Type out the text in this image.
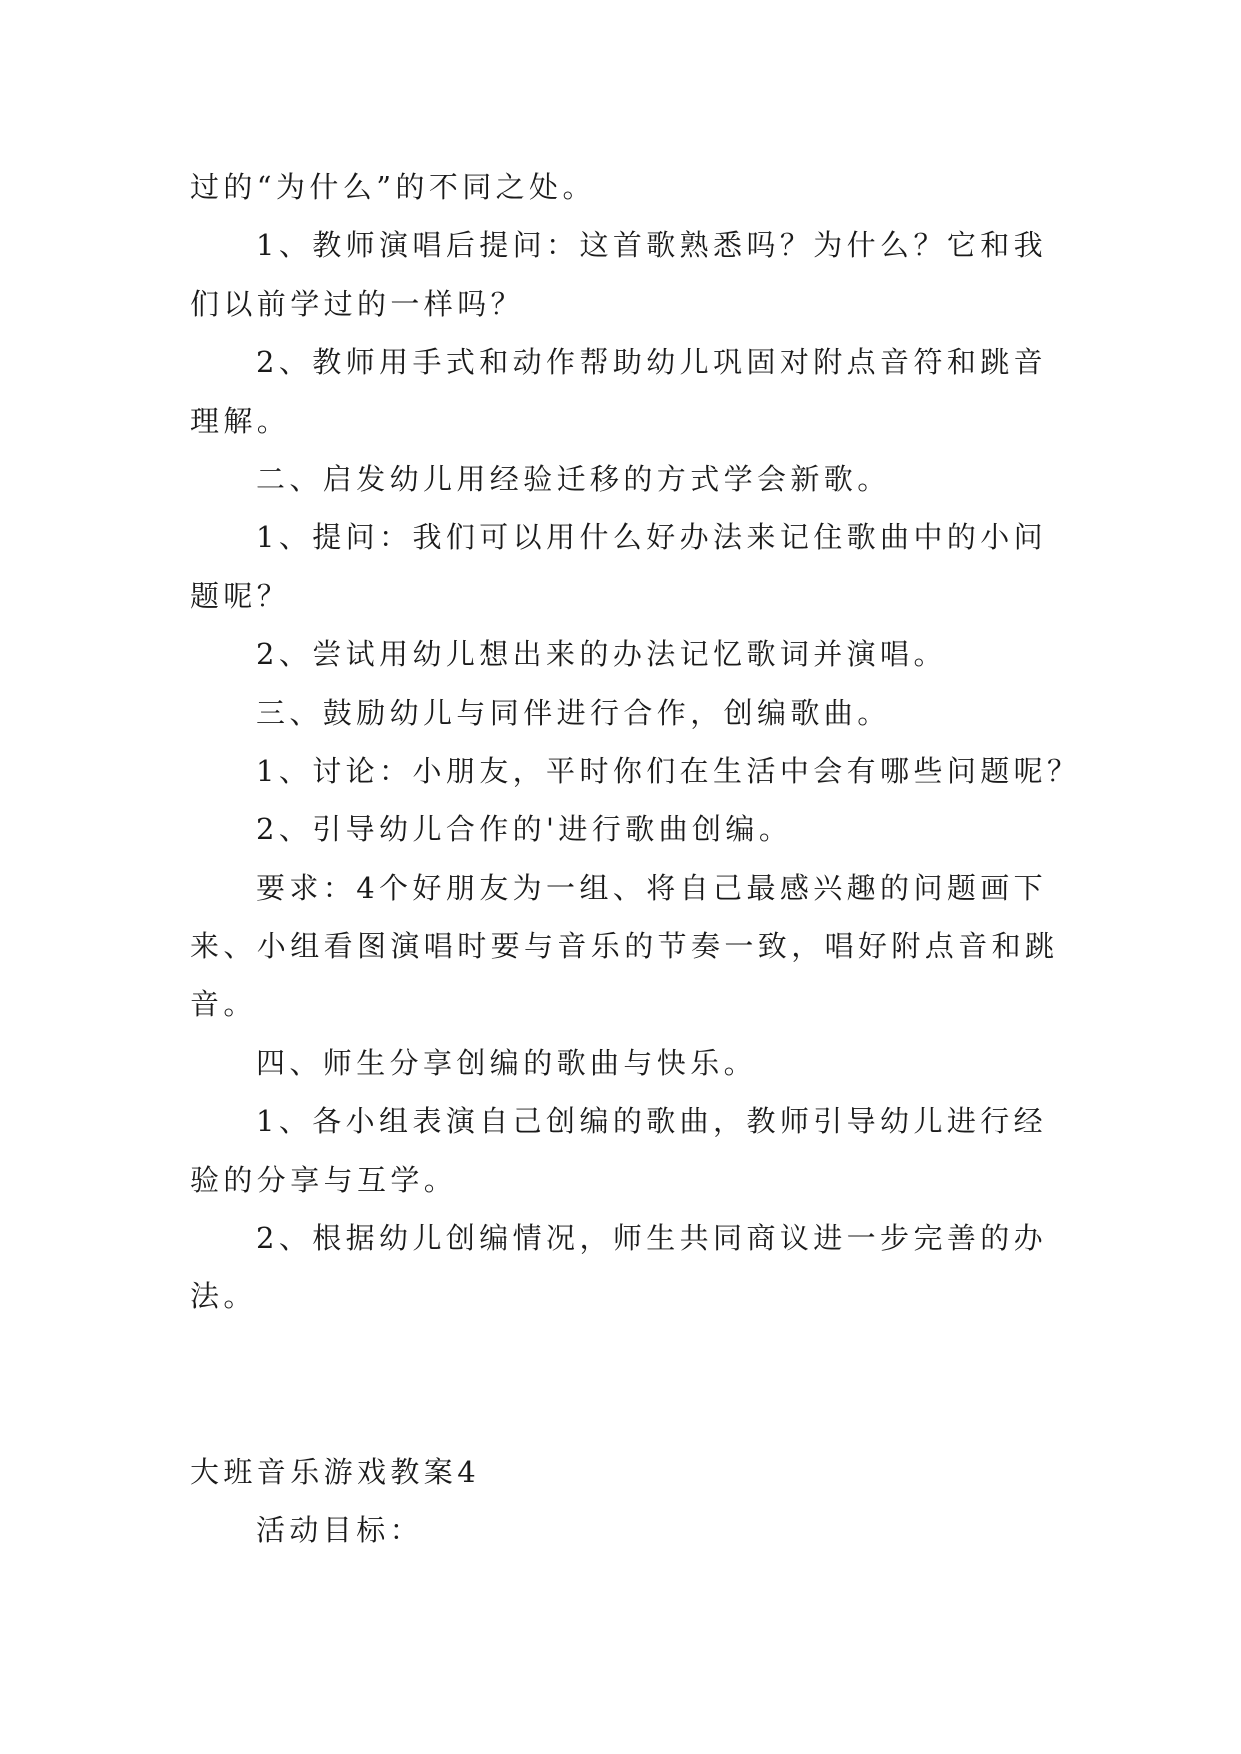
过的“为什么”的不同之处。
1、教师演唱后提问：这首歌熟悉吗？为什么？它和我
们以前学过的一样吗？
2、教师用手式和动作帮助幼儿巩固对附点音符和跳音
理解。
二、启发幼儿用经验迁移的方式学会新歌。
1、提问：我们可以用什么好办法来记住歌曲中的小问
题呢？
2、尝试用幼儿想出来的办法记忆歌词并演唱。
三、鼓励幼儿与同伴进行合作，创编歌曲。
1、讨论：小朋友，平时你们在生活中会有哪些问题呢？
2、引导幼儿合作的'进行歌曲创编。
要求：4个好朋友为一组、将自己最感兴趣的问题画下
来、小组看图演唱时要与音乐的节奏一致，唱好附点音和跳
音。
四、师生分享创编的歌曲与快乐。
1、各小组表演自己创编的歌曲，教师引导幼儿进行经
验的分享与互学。
2、根据幼儿创编情况，师生共同商议进一步完善的办
法。
大班音乐游戏教案4
活动目标：
